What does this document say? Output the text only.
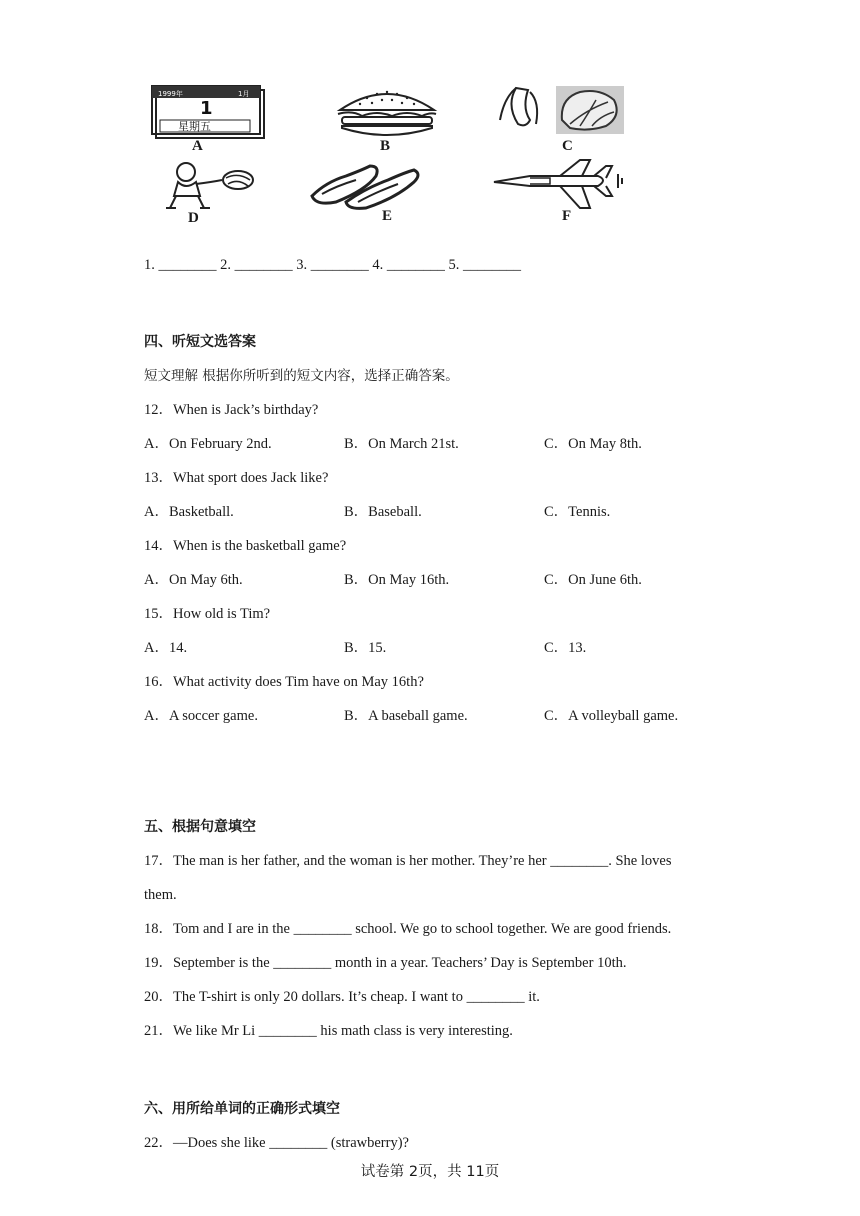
1999年	1月
1
星期五
A	B	C
D	E	F
1. ________ 2. ________ 3. ________ 4. ________ 5. ________
四、听短文选答案
短文理解 根据你所听到的短文内容，选择正确答案。
12．When is Jack’s birthday?
A．On February 2nd.	B．On March 21st.	C．On May 8th.
13．What sport does Jack like?
A．Basketball.	B．Baseball.	C．Tennis.
14．When is the basketball game?
A．On May 6th.	B．On May 16th.	C．On June 6th.
15．How old is Tim?
A．14.	B．15.	C．13.
16．What activity does Tim have on May 16th?
A．A soccer game.	B．A baseball game.	C．A volleyball game.
五、根据句意填空
17．The man is her father, and the woman is her mother. They’re her ________. She loves
them.
18．Tom and I are in the ________ school. We go to school together. We are good friends.
19．September is the ________ month in a year. Teachers’ Day is September 10th.
20．The T-shirt is only 20 dollars. It’s cheap. I want to ________ it.
21．We like Mr Li ________ his math class is very interesting.
六、用所给单词的正确形式填空
22．—Does she like ________ (strawberry)?
试卷第 2页，共 11页
